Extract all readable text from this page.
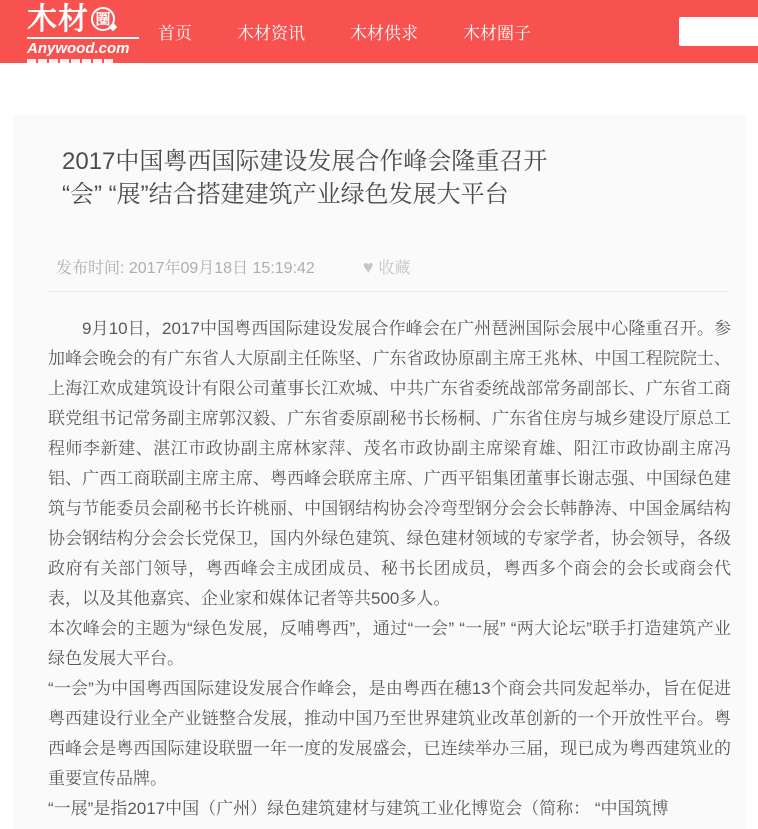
木材 圈
Anywood.com
首页	木材资讯	木材供求	木材圈子
2017中国粤西国际建设发展合作峰会隆重召开
“会” “展”结合搭建建筑产业绿色发展大平台
发布时间: 2017年09月18日 15:19:42	♥ 收藏

9月10日，2017中国粤西国际建设发展合作峰会在广州琶洲国际会展中心隆重召开。参加峰会晚会的有广东省人大原副主任陈坚、广东省政协原副主席王兆林、中国工程院院士、上海江欢成建筑设计有限公司董事长江欢城、中共广东省委统战部常务副部长、广东省工商联党组书记常务副主席郭汉毅、广东省委原副秘书长杨桐、广东省住房与城乡建设厅原总工程师李新建、湛江市政协副主席林家萍、茂名市政协副主席梁育雄、阳江市政协副主席冯铝、广西工商联副主席主席、粤西峰会联席主席、广西平铝集团董事长谢志强、中国绿色建筑与节能委员会副秘书长许桃丽、中国钢结构协会冷弯型钢分会会长韩静涛、中国金属结构协会钢结构分会会长党保卫，国内外绿色建筑、绿色建材领域的专家学者，协会领导，各级政府有关部门领导，粤西峰会主成团成员、秘书长团成员，粤西多个商会的会长或商会代表，以及其他嘉宾、企业家和媒体记者等共500多人。

本次峰会的主题为“绿色发展，反哺粤西”，通过“一会” “一展” “两大论坛”联手打造建筑产业绿色发展大平台。

“一会”为中国粤西国际建设发展合作峰会，是由粤西在穗13个商会共同发起举办，旨在促进粤西建设行业全产业链整合发展，推动中国乃至世界建筑业改革创新的一个开放性平台。粤西峰会是粤西国际建设联盟一年一度的发展盛会，已连续举办三届，现已成为粤西建筑业的重要宣传品牌。

“一展”是指2017中国（广州）绿色建筑建材与建筑工业化博览会（简称： “中国筑博
